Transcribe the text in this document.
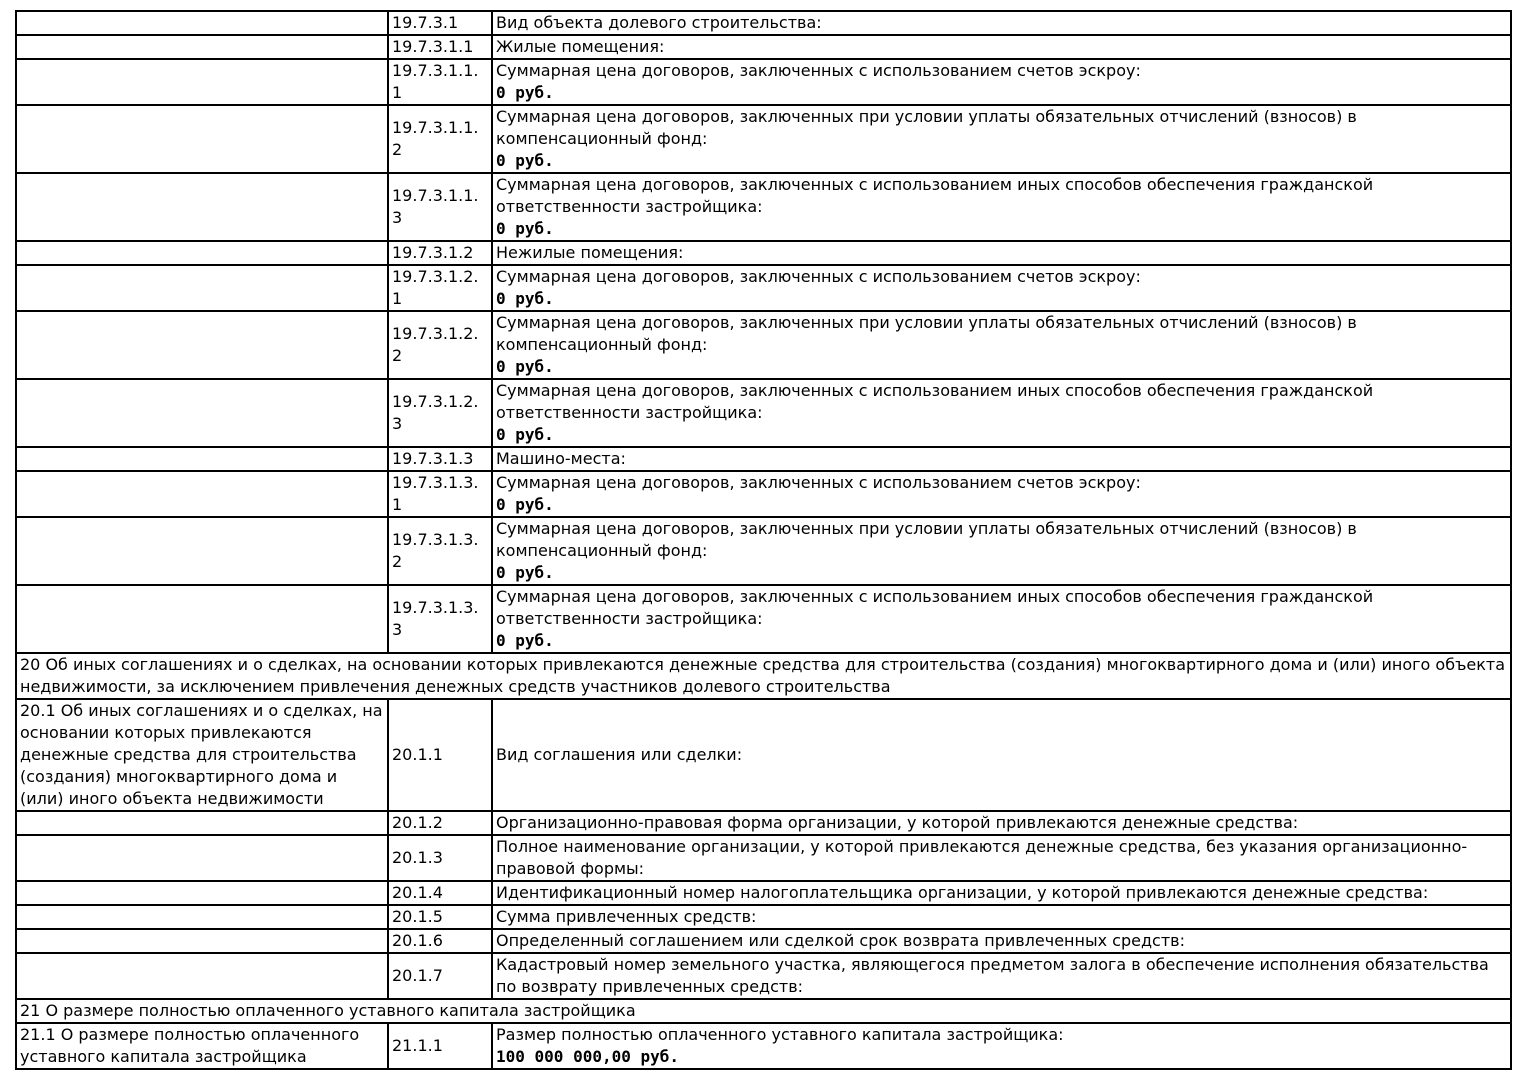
	19.7.3.1	Вид объекта долевого строительства:

	19.7.3.1.1	Жилые помещения:

	19.7.3.1.1.1	Суммарная цена договоров, заключенных с использованием счетов эскроу:
0 руб.

	19.7.3.1.1.2	Суммарная цена договоров, заключенных при условии уплаты обязательных отчислений (взносов) в компенсационный фонд:
0 руб.

	19.7.3.1.1.3	Суммарная цена договоров, заключенных с использованием иных способов обеспечения гражданской ответственности застройщика:
0 руб.

	19.7.3.1.2	Нежилые помещения:

	19.7.3.1.2.1	Суммарная цена договоров, заключенных с использованием счетов эскроу:
0 руб.

	19.7.3.1.2.2	Суммарная цена договоров, заключенных при условии уплаты обязательных отчислений (взносов) в компенсационный фонд:
0 руб.

	19.7.3.1.2.3	Суммарная цена договоров, заключенных с использованием иных способов обеспечения гражданской ответственности застройщика:
0 руб.

	19.7.3.1.3	Машино-места:

	19.7.3.1.3.1	Суммарная цена договоров, заключенных с использованием счетов эскроу:
0 руб.

	19.7.3.1.3.2	Суммарная цена договоров, заключенных при условии уплаты обязательных отчислений (взносов) в компенсационный фонд:
0 руб.

	19.7.3.1.3.3	Суммарная цена договоров, заключенных с использованием иных способов обеспечения гражданской ответственности застройщика:
0 руб.

20 Об иных соглашениях и о сделках, на основании которых привлекаются денежные средства для строительства (создания) многоквартирного дома и (или) иного объекта недвижимости, за исключением привлечения денежных средств участников долевого строительства		
20.1 Об иных соглашениях и о сделках, на основании которых привлекаются денежные средства для строительства (создания) многоквартирного дома и (или) иного объекта недвижимости	20.1.1	Вид соглашения или сделки:

	20.1.2	Организационно-правовая форма организации, у которой привлекаются денежные средства:

	20.1.3	Полное наименование организации, у которой привлекаются денежные средства, без указания организационно-правовой формы:

	20.1.4	Идентификационный номер налогоплательщика организации, у которой привлекаются денежные средства:

	20.1.5	Сумма привлеченных средств:

	20.1.6	Определенный соглашением или сделкой срок возврата привлеченных средств:

	20.1.7	Кадастровый номер земельного участка, являющегося предметом залога в обеспечение исполнения обязательства по возврату привлеченных средств:

21 О размере полностью оплаченного уставного капитала застройщика		
21.1 О размере полностью оплаченного уставного капитала застройщика	21.1.1	Размер полностью оплаченного уставного капитала застройщика:
100 000 000,00 руб.
